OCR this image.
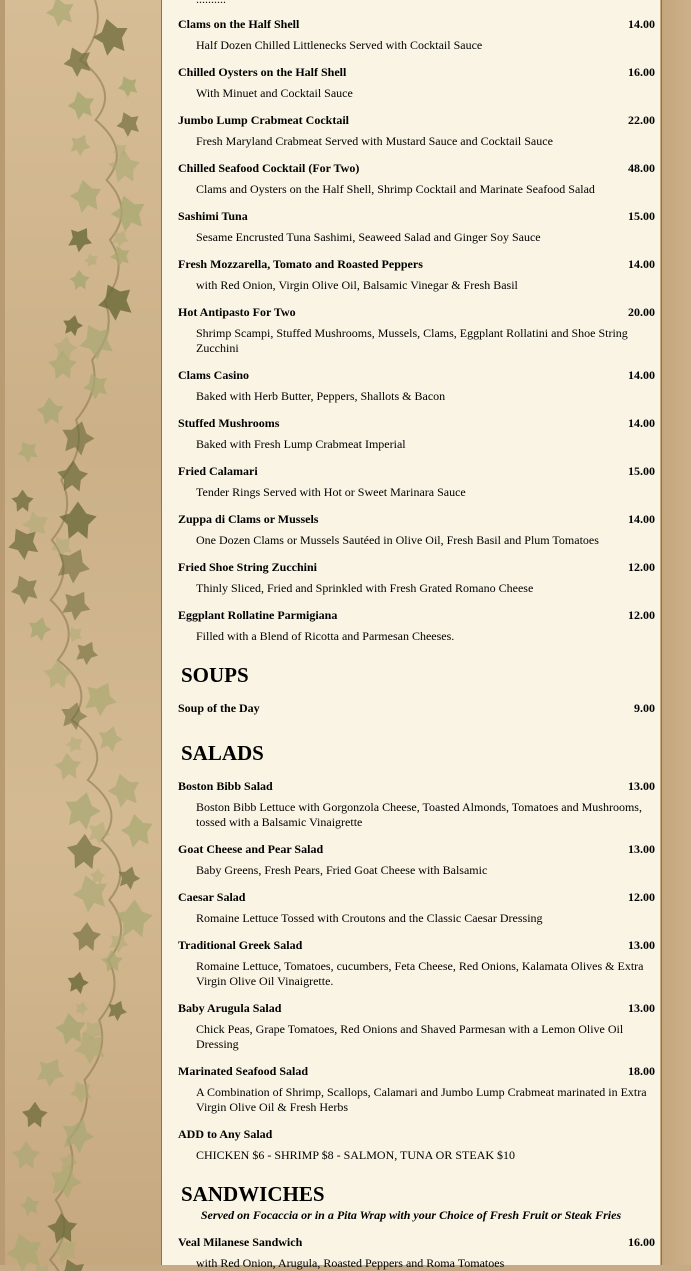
Clams on the Half Shell	14.00
Half Dozen Chilled Littlenecks Served with Cocktail Sauce
Chilled Oysters on the Half Shell	16.00
With Minuet and Cocktail Sauce
Jumbo Lump Crabmeat Cocktail	22.00
Fresh Maryland Crabmeat Served with Mustard Sauce and Cocktail Sauce
Chilled Seafood Cocktail (For Two)	48.00
Clams and Oysters on the Half Shell, Shrimp Cocktail and Marinate Seafood Salad
Sashimi Tuna	15.00
Sesame Encrusted Tuna Sashimi, Seaweed Salad and Ginger Soy Sauce
Fresh Mozzarella, Tomato and Roasted Peppers	14.00
with Red Onion, Virgin Olive Oil, Balsamic Vinegar & Fresh Basil
Hot Antipasto For Two	20.00
Shrimp Scampi, Stuffed Mushrooms, Mussels, Clams, Eggplant Rollatini and Shoe String Zucchini
Clams Casino	14.00
Baked with Herb Butter, Peppers, Shallots & Bacon
Stuffed Mushrooms	14.00
Baked with Fresh Lump Crabmeat Imperial
Fried Calamari	15.00
Tender Rings Served with Hot or Sweet Marinara Sauce
Zuppa di Clams or Mussels	14.00
One Dozen Clams or Mussels Sautéed in Olive Oil, Fresh Basil and Plum Tomatoes
Fried Shoe String Zucchini	12.00
Thinly Sliced, Fried and Sprinkled with Fresh Grated Romano Cheese
Eggplant Rollatine Parmigiana	12.00
Filled with a Blend of Ricotta and Parmesan Cheeses.
SOUPS
Soup of the Day	9.00
SALADS
Boston Bibb Salad	13.00
Boston Bibb Lettuce with Gorgonzola Cheese, Toasted Almonds, Tomatoes and Mushrooms, tossed with a Balsamic Vinaigrette
Goat Cheese and Pear Salad	13.00
Baby Greens, Fresh Pears, Fried Goat Cheese with Balsamic
Caesar Salad	12.00
Romaine Lettuce Tossed with Croutons and the Classic Caesar Dressing
Traditional Greek Salad	13.00
Romaine Lettuce, Tomatoes, cucumbers, Feta Cheese, Red Onions, Kalamata Olives & Extra Virgin Olive Oil Vinaigrette.
Baby Arugula Salad	13.00
Chick Peas, Grape Tomatoes, Red Onions and Shaved Parmesan with a Lemon Olive Oil Dressing
Marinated Seafood Salad	18.00
A Combination of Shrimp, Scallops, Calamari and Jumbo Lump Crabmeat marinated in Extra Virgin Olive Oil & Fresh Herbs
ADD to Any Salad
CHICKEN $6 - SHRIMP $8 - SALMON, TUNA OR STEAK $10
SANDWICHES
Served on Focaccia or in a Pita Wrap with your Choice of Fresh Fruit or Steak Fries
Veal Milanese Sandwich	16.00
with Red Onion, Arugula, Roasted Peppers and Roma Tomatoes
